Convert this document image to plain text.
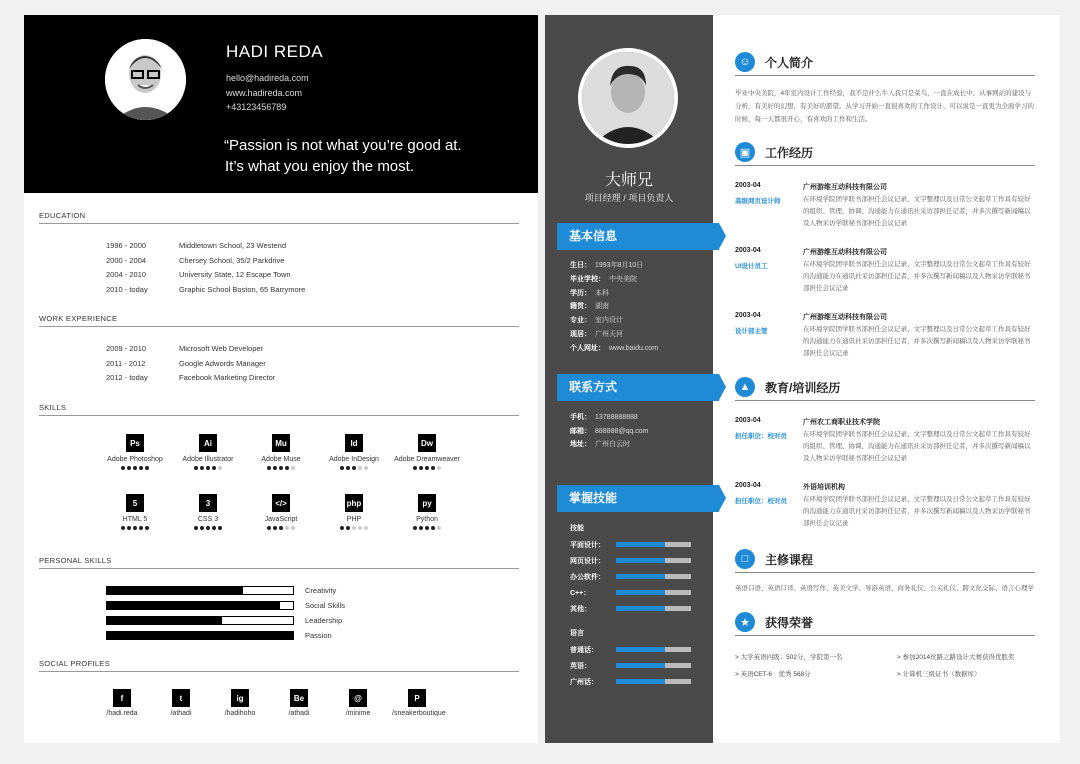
HADI REDA
hello@hadireda.com
www.hadireda.com
+43123456789
“Passion is not what you’re good at.
It’s what you enjoy the most.
EDUCATION
1996 - 2000	Middletown School, 23 Westend
2000 - 2004	Chersey School, 35/2 Parkdrive
2004 - 2010	University State, 12 Escape Town
2010 - today	Graphic School Boston, 65 Barrymore
WORK EXPERIENCE
2009 - 2010	Microsoft Web Developer
2011 - 2012	Google Adwords Manager
2012 - today	Facebook Marketing Director
SKILLS
Ps
Adobe Photoshop
Ai
Adobe Illustrator
Mu
Adobe Muse
Id
Adobe InDesign
Dw
Adobe Dreamweaver
5
HTML 5
3
CSS 3
</>
JavaScript
php
PHP
py
Python
PERSONAL SKILLS
Creativity
Social Skills
Leadership
Passion
SOCIAL PROFILES
f
/hadi.reda
t
/athadi
ig
/hadihoho
Be
/athadi
@
/minime
P
/sneakerboutique
大师兄
项目经理 / 项目负责人
基本信息
生日： 1993年8月10日
毕业学校： 中央美院
学历： 本科
籍贯： 湖南
专业： 室内设计
现居： 广州天河
个人网址： www.baidu.com
联系方式
手机： 13788888888
邮箱： 888888@qq.com
地址： 广州白云时
掌握技能
技能
平面设计：
网页设计：
办公软件：
C++：
其他：
语言
普通话：
英语：
广州话：
☺	个人简介
毕业中央美院，4年室内设计工作经验，我不是什么牛人我只是菜鸟，一直在成长中。从事网站的建设与分析，有美好的幻想，有美好的愿望。从学习开始一直很喜欢的工作设计，可以说是一直更为全面学习的时候，每一天都很开心，有喜欢的工作和生活。
▣	工作经历
2003-04
高级网页设计师
广州游维互动科技有限公司
在环境学院团学联书部担任会议记录、文字整理以及日常公文起草工作具有较好的组织、管理、协调、沟通能力在通讯社采访部担任记者，并多次撰写新闻稿以及人物采访学联秘书部担任会议记录
2003-04
UI设计员工
广州游维互动科技有限公司
在环境学院团学联书部担任会议记录、文字整理以及日常公文起草工作具有较好的沟通能力在通讯社采访部担任记者，并多次撰写新闻稿以及人物采访学联秘书部担任会议记录
2003-04
设计部主管
广州游维互动科技有限公司
在环境学院团学联书部担任会议记录、文字整理以及日常公文起草工作具有较好的沟通能力在通讯社采访部担任记者，并多次撰写新闻稿以及人物采访学联秘书部担任会议记录
▲	教育/培训经历
2003-04
担任职位：校对员
广州农工商职业技术学院
在环境学院团学联书部担任会议记录、文字整理以及日常公文起草工作具有较好的组织、管理、协调、沟通能力在通讯社采访部担任记者，并多次撰写新闻稿以及人物采访学联秘书部担任会议记录
2003-04
担任职位：校对员
外语培训机构
在环境学院团学联书部担任会议记录、文字整理以及日常公文起草工作具有较好的沟通能力在通讯社采访部担任记者，并多次撰写新闻稿以及人物采访学联秘书部担任会议记录
□	主修课程
英语口语、英语口译、英语写作、英美文学、导游英语、商务礼仪、公关礼仪、跨文化交际、语言心理学
★	获得荣誉
> 大学英语四级：502分，学院第一名	> 参加2014丝路之路设计大赛获得优胜奖
> 英语CET-6　优秀 568分	> 计算机三级证书（数据库）
